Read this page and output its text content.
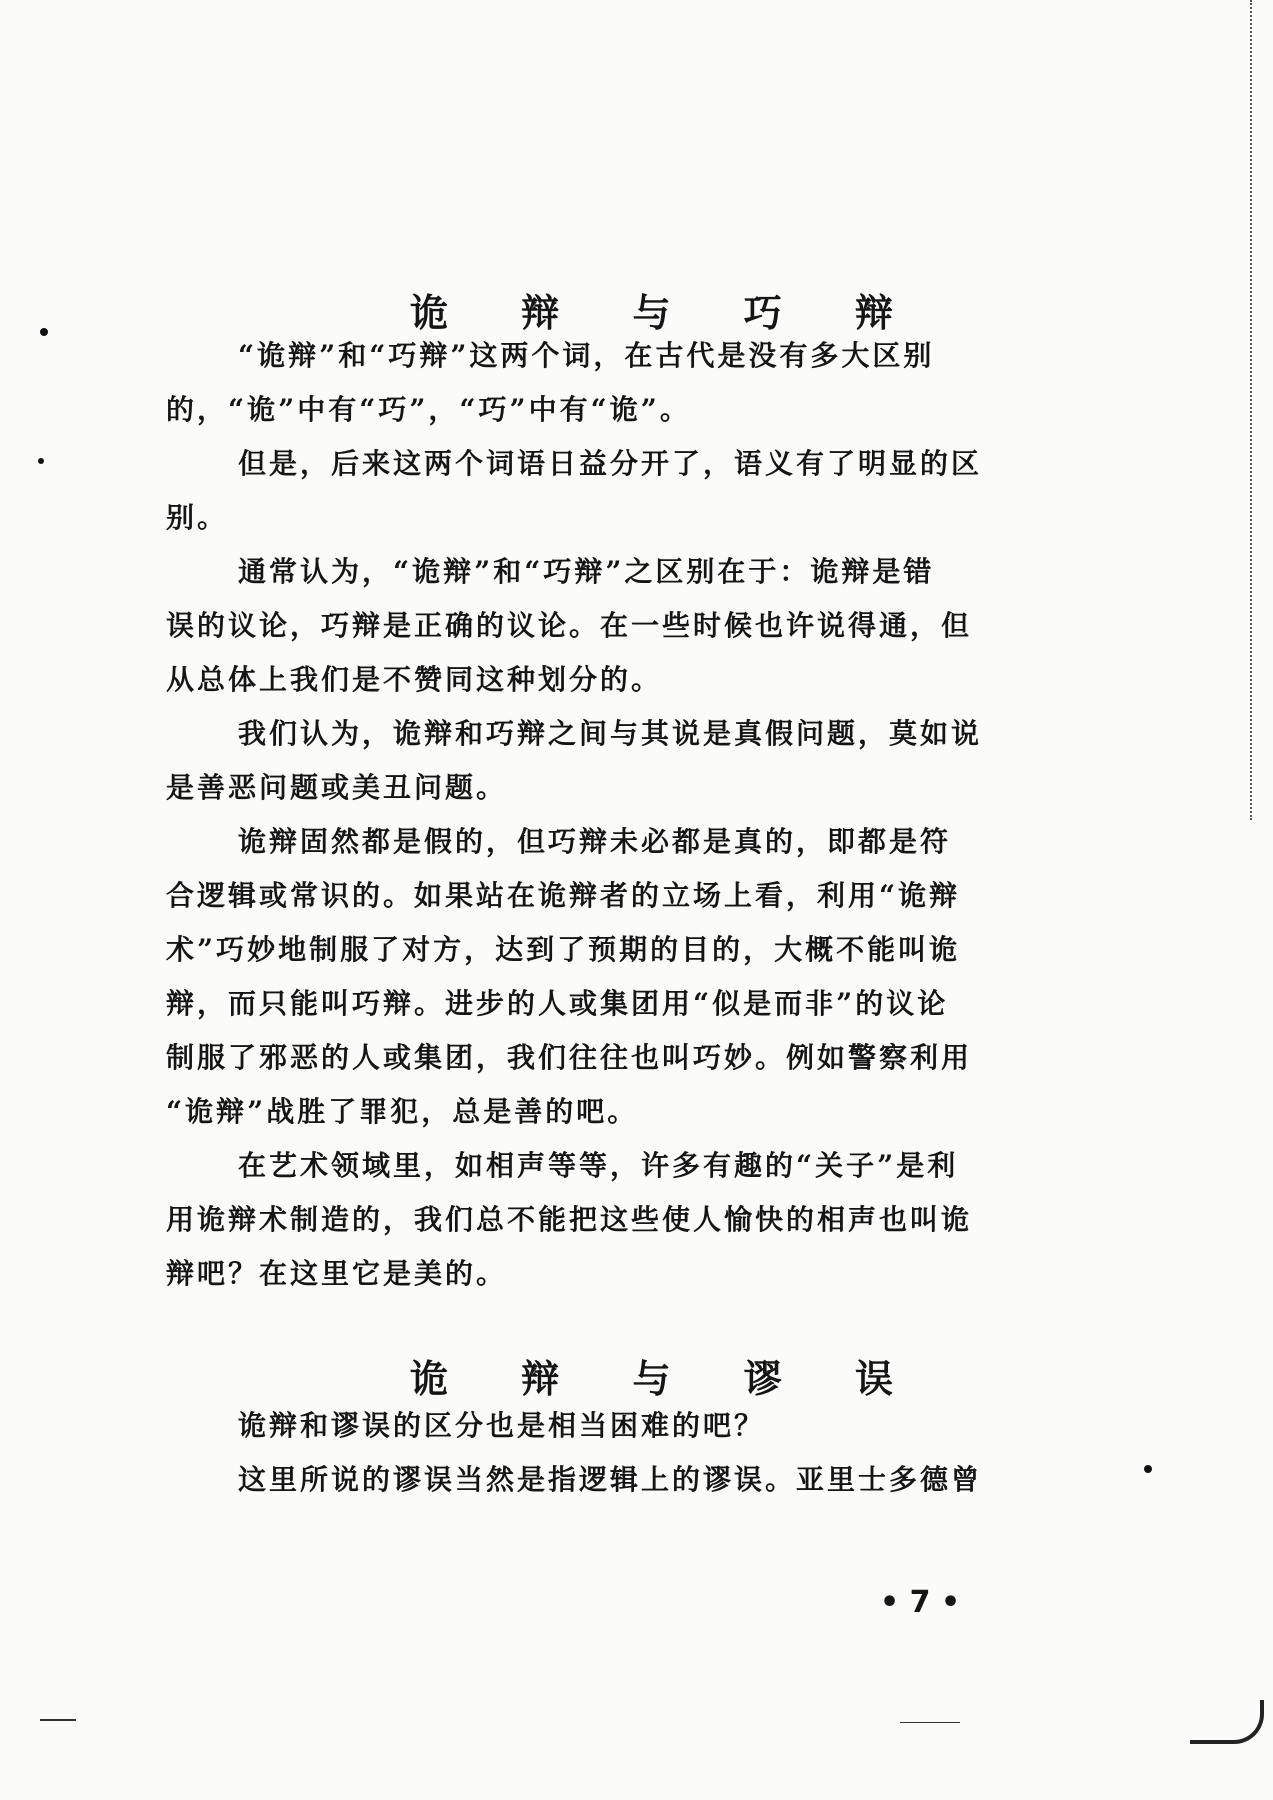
诡 辩 与 巧 辩

“诡辩”和“巧辩”这两个词，在古代是没有多大区别

的，“诡”中有“巧”，“巧”中有“诡”。

但是，后来这两个词语日益分开了，语义有了明显的区

别。

通常认为，“诡辩”和“巧辩”之区别在于：诡辩是错

误的议论，巧辩是正确的议论。在一些时候也许说得通，但

从总体上我们是不赞同这种划分的。

我们认为，诡辩和巧辩之间与其说是真假问题，莫如说

是善恶问题或美丑问题。

诡辩固然都是假的，但巧辩未必都是真的，即都是符

合逻辑或常识的。如果站在诡辩者的立场上看，利用“诡辩

术”巧妙地制服了对方，达到了预期的目的，大概不能叫诡

辩，而只能叫巧辩。进步的人或集团用“似是而非”的议论

制服了邪恶的人或集团，我们往往也叫巧妙。例如警察利用

“诡辩”战胜了罪犯，总是善的吧。

在艺术领域里，如相声等等，许多有趣的“关子”是利

用诡辩术制造的，我们总不能把这些使人愉快的相声也叫诡

辩吧？在这里它是美的。

诡 辩 与 谬 误

诡辩和谬误的区分也是相当困难的吧？

这里所说的谬误当然是指逻辑上的谬误。亚里士多德曾

• 7 •
